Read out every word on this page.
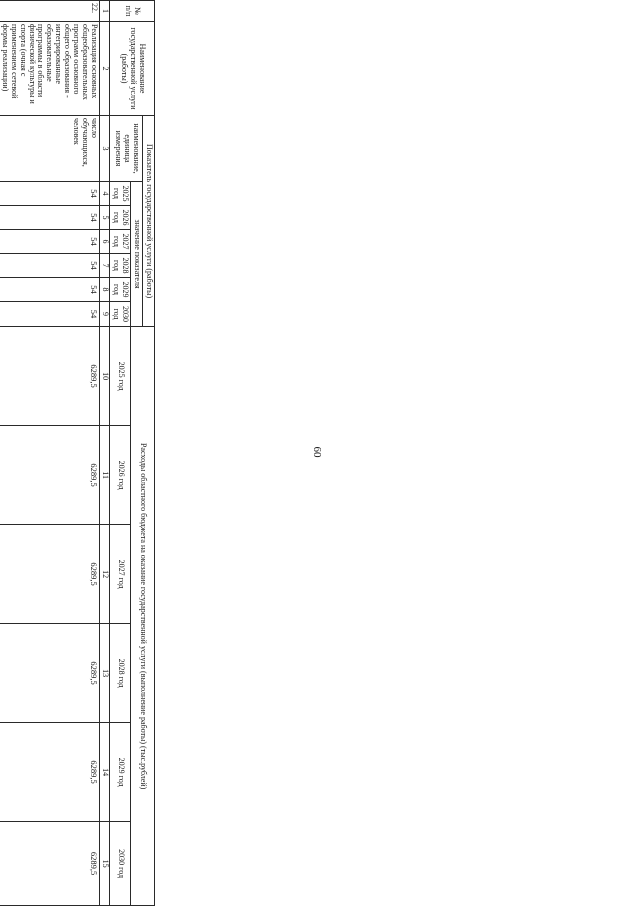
60
№ п/п	Наименование государственной услуги (работы)	Показатель государственной услуги (работы)							Расходы областного бюджета на оказание государственной услуги (выполнение работы) (тыс.рублей)					
		наименование, единица измерения	значение показателя											
			2025 год	2026 год	2027 год	2028 год	2029 год	2030 год	2025 год	2026 год	2027 год	2028 год	2029 год	2030 год
1	2	3	4	5	6	7	8	9	10	11	12	13	14	15
22.	Реализация основных общеобразовательных программ основного общего образования - интегрированные образовательные программы в области физической культуры и спорта (очная с применением сетевой формы реализации)	число обучающихся, человек	54	54	54	54	54	54	6289,5	6289,5	6289,5	6289,5	6289,5	6289,5
